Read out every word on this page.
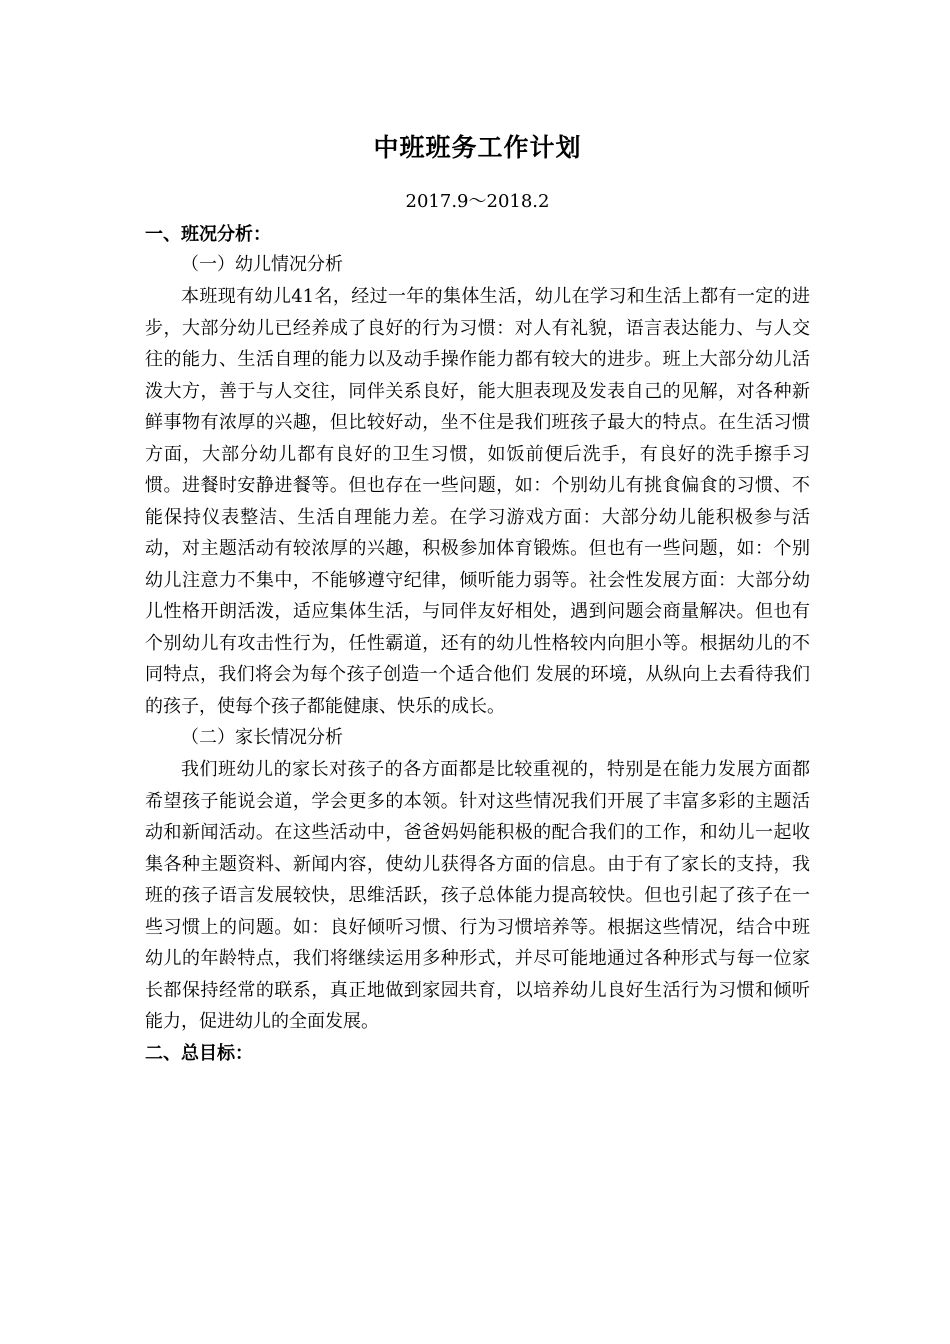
中班班务工作计划
2017.9～2018.2
一、班况分析：
（一）幼儿情况分析

本班现有幼儿41名，经过一年的集体生活，幼儿在学习和生活上都有一定的进步，大部分幼儿已经养成了良好的行为习惯：对人有礼貌，语言表达能力、与人交往的能力、生活自理的能力以及动手操作能力都有较大的进步。班上大部分幼儿活泼大方，善于与人交往，同伴关系良好，能大胆表现及发表自己的见解，对各种新鲜事物有浓厚的兴趣，但比较好动，坐不住是我们班孩子最大的特点。在生活习惯方面，大部分幼儿都有良好的卫生习惯，如饭前便后洗手，有良好的洗手擦手习惯。进餐时安静进餐等。但也存在一些问题，如：个别幼儿有挑食偏食的习惯、不能保持仪表整洁、生活自理能力差。在学习游戏方面：大部分幼儿能积极参与活动，对主题活动有较浓厚的兴趣，积极参加体育锻炼。但也有一些问题，如：个别幼儿注意力不集中，不能够遵守纪律，倾听能力弱等。社会性发展方面：大部分幼儿性格开朗活泼，适应集体生活，与同伴友好相处，遇到问题会商量解决。但也有个别幼儿有攻击性行为，任性霸道，还有的幼儿性格较内向胆小等。根据幼儿的不同特点，我们将会为每个孩子创造一个适合他们 发展的环境，从纵向上去看待我们的孩子，使每个孩子都能健康、快乐的成长。

（二）家长情况分析

我们班幼儿的家长对孩子的各方面都是比较重视的，特别是在能力发展方面都希望孩子能说会道，学会更多的本领。针对这些情况我们开展了丰富多彩的主题活动和新闻活动。在这些活动中，爸爸妈妈能积极的配合我们的工作，和幼儿一起收集各种主题资料、新闻内容，使幼儿获得各方面的信息。由于有了家长的支持，我班的孩子语言发展较快，思维活跃，孩子总体能力提高较快。但也引起了孩子在一些习惯上的问题。如：良好倾听习惯、行为习惯培养等。根据这些情况，结合中班幼儿的年龄特点，我们将继续运用多种形式，并尽可能地通过各种形式与每一位家长都保持经常的联系，真正地做到家园共育，以培养幼儿良好生活行为习惯和倾听能力，促进幼儿的全面发展。

二、总目标：
